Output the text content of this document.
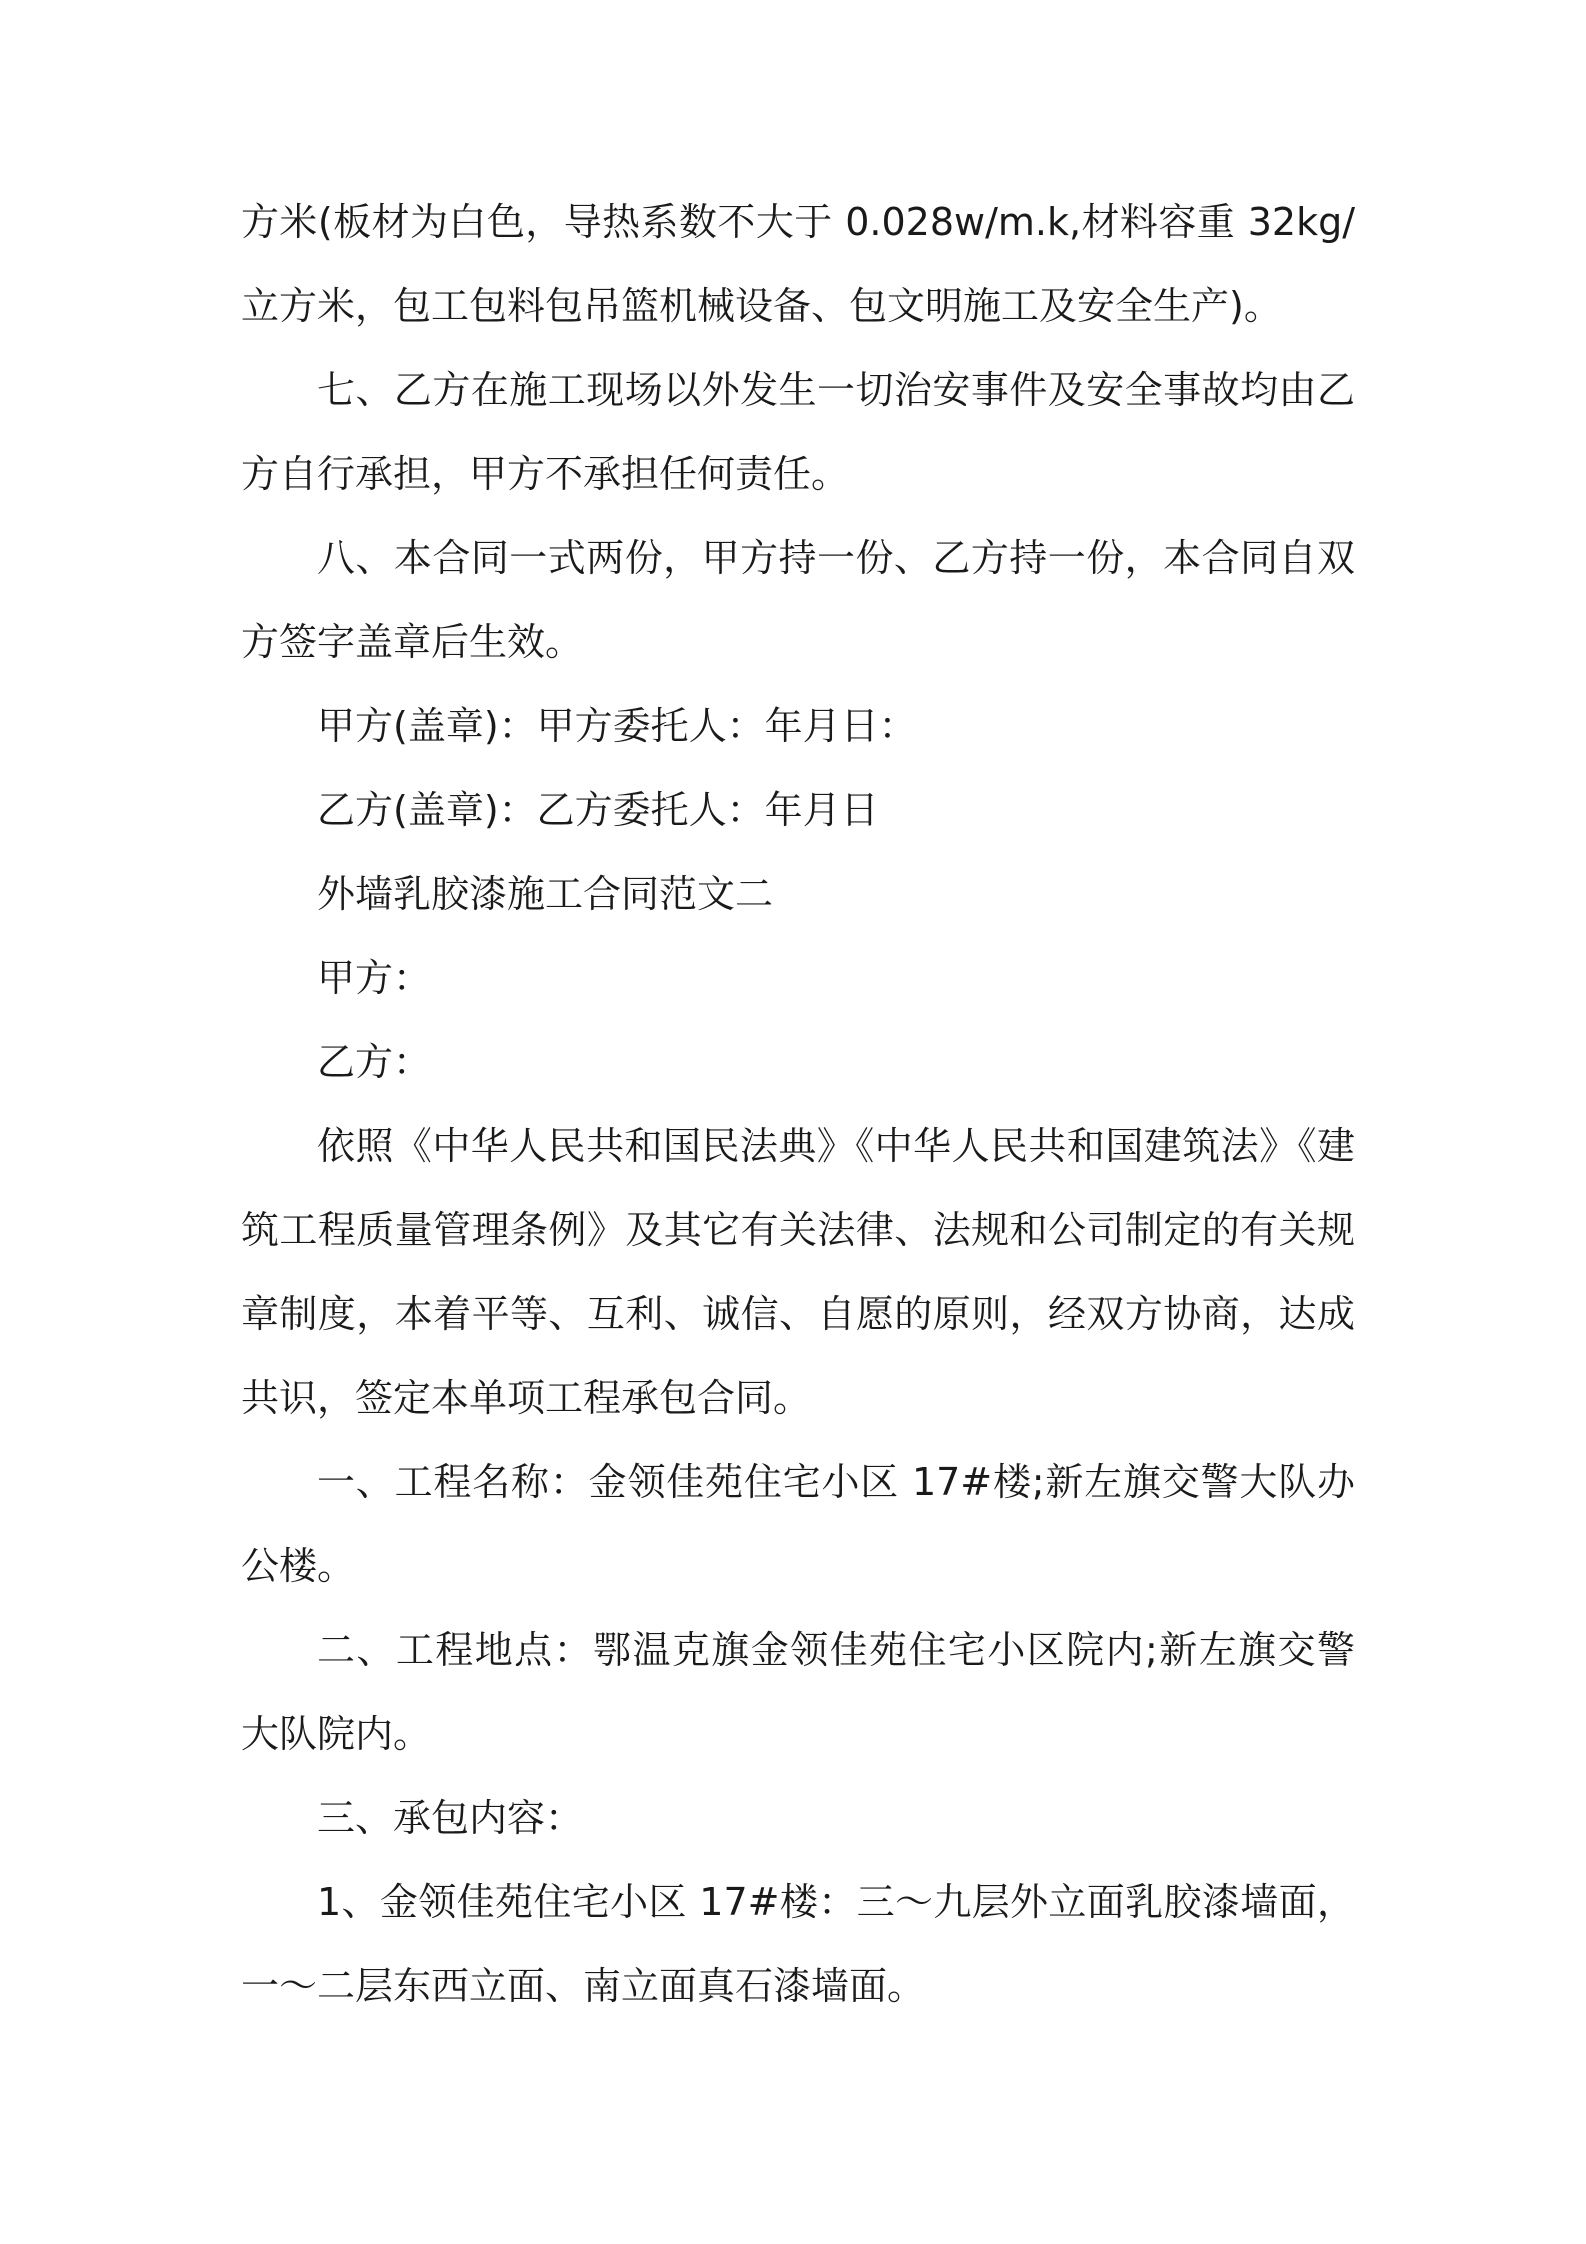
方米(板材为白色，导热系数不大于 0.028w/m.k,材料容重 32kg/立方米，包工包料包吊篮机械设备、包文明施工及安全生产)。

七、乙方在施工现场以外发生一切治安事件及安全事故均由乙方自行承担，甲方不承担任何责任。

八、本合同一式两份，甲方持一份、乙方持一份，本合同自双方签字盖章后生效。

甲方(盖章)：甲方委托人：年月日：

乙方(盖章)：乙方委托人：年月日

外墙乳胶漆施工合同范文二

甲方：

乙方：

依照《中华人民共和国民法典》《中华人民共和国建筑法》《建筑工程质量管理条例》及其它有关法律、法规和公司制定的有关规章制度，本着平等、互利、诚信、自愿的原则，经双方协商，达成共识，签定本单项工程承包合同。

一、工程名称：金领佳苑住宅小区 17#楼;新左旗交警大队办公楼。

二、工程地点：鄂温克旗金领佳苑住宅小区院内;新左旗交警大队院内。

三、承包内容：

1、金领佳苑住宅小区 17#楼：三～九层外立面乳胶漆墙面，一～二层东西立面、南立面真石漆墙面。
